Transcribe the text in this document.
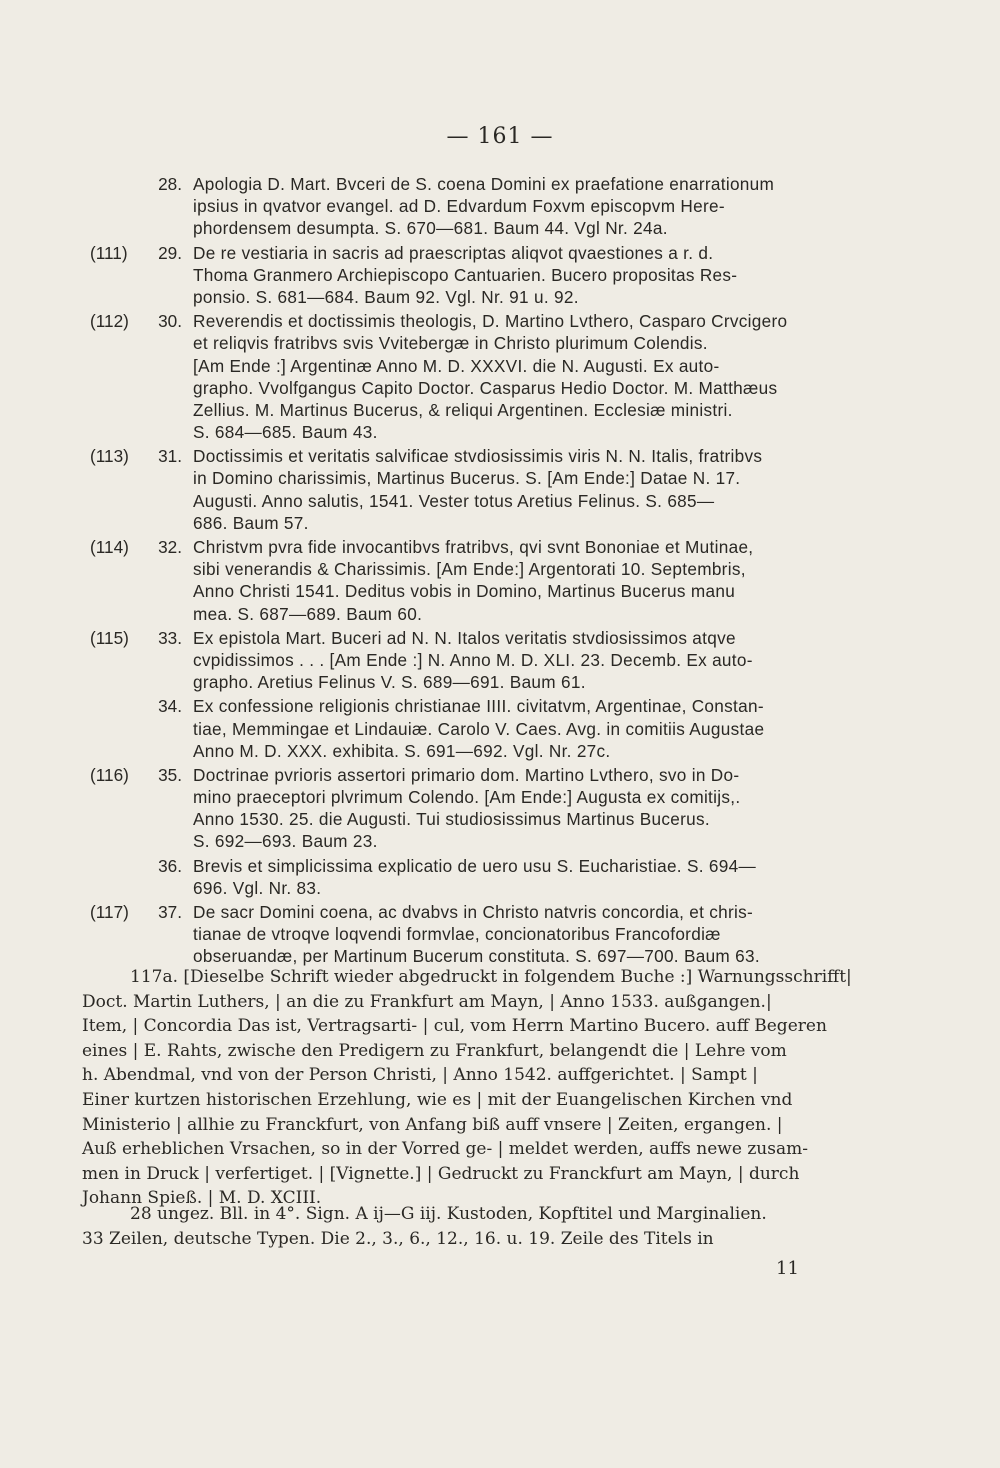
— 161 —
28. Apologia D. Mart. Bvceri de S. coena Domini ex praefatione enarrationum
ipsius in qvatvor evangel. ad D. Edvardum Foxvm episcopvm Here-
phordensem desumpta. S. 670—681. Baum 44. Vgl Nr. 24a.
(111) 29. De re vestiaria in sacris ad praescriptas aliqvot qvaestiones a r. d.
Thoma Granmero Archiepiscopo Cantuarien. Bucero propositas Res-
ponsio. S. 681—684. Baum 92. Vgl. Nr. 91 u. 92.
(112) 30. Reverendis et doctissimis theologis, D. Martino Lvthero, Casparo Crvcigero
et reliqvis fratribvs svis Vvitebergæ in Christo plurimum Colendis.
[Am Ende :] Argentinæ Anno M. D. XXXVI. die N. Augusti. Ex auto-
grapho. Vvolfgangus Capito Doctor. Casparus Hedio Doctor. M. Matthæus
Zellius. M. Martinus Bucerus, & reliqui Argentinen. Ecclesiæ ministri.
S. 684—685. Baum 43.
(113) 31. Doctissimis et veritatis salvificae stvdiosissimis viris N. N. Italis, fratribvs
in Domino charissimis, Martinus Bucerus. S. [Am Ende:] Datae N. 17.
Augusti. Anno salutis, 1541. Vester totus Aretius Felinus. S. 685—
686. Baum 57.
(114) 32. Christvm pvra fide invocantibvs fratribvs, qvi svnt Bononiae et Mutinae,
sibi venerandis & Charissimis. [Am Ende:] Argentorati 10. Septembris,
Anno Christi 1541. Deditus vobis in Domino, Martinus Bucerus manu
mea. S. 687—689. Baum 60.
(115) 33. Ex epistola Mart. Buceri ad N. N. Italos veritatis stvdiosissimos atqve
cvpidissimos . . . [Am Ende :] N. Anno M. D. XLI. 23. Decemb. Ex auto-
grapho. Aretius Felinus V. S. 689—691. Baum 61.
34. Ex confessione religionis christianae IIII. civitatvm, Argentinae, Constan-
tiae, Memmingae et Lindauiæ. Carolo V. Caes. Avg. in comitiis Augustae
Anno M. D. XXX. exhibita. S. 691—692. Vgl. Nr. 27c.
(116) 35. Doctrinae pvrioris assertori primario dom. Martino Lvthero, svo in Do-
mino praeceptori plvrimum Colendo. [Am Ende:] Augusta ex comitijs,.
Anno 1530. 25. die Augusti. Tui studiosissimus Martinus Bucerus.
S. 692—693. Baum 23.
36. Brevis et simplicissima explicatio de uero usu S. Eucharistiae. S. 694—
696. Vgl. Nr. 83.
(117) 37. De sacr Domini coena, ac dvabvs in Christo natvris concordia, et chris-
tianae de vtroqve loqvendi formvlae, concionatoribus Francofordiæ
obseruandæ, per Martinum Bucerum constituta. S. 697—700. Baum 63.
117a. [Dieselbe Schrift wieder abgedruckt in folgendem Buche :] Warnungsschrifft|
Doct. Martin Luthers, | an die zu Frankfurt am Mayn, | Anno 1533. außgangen.|
Item, | Concordia Das ist, Vertragsarti- | cul, vom Herrn Martino Bucero. auff Begeren
eines | E. Rahts, zwische den Predigern zu Frankfurt, belangendt die | Lehre vom
h. Abendmal, vnd von der Person Christi, | Anno 1542. auffgerichtet. | Sampt |
Einer kurtzen historischen Erzehlung, wie es | mit der Euangelischen Kirchen vnd
Ministerio | allhie zu Franckfurt, von Anfang biß auff vnsere | Zeiten, ergangen. |
Auß erheblichen Vrsachen, so in der Vorred ge- | meldet werden, auffs newe zusam-
men in Druck | verfertiget. | [Vignette.] | Gedruckt zu Franckfurt am Mayn, | durch
Johann Spieß. | M. D. XCIII.
28 ungez. Bll. in 4°. Sign. A ij—G iij. Kustoden, Kopftitel und Marginalien.
33 Zeilen, deutsche Typen. Die 2., 3., 6., 12., 16. u. 19. Zeile des Titels in
11
